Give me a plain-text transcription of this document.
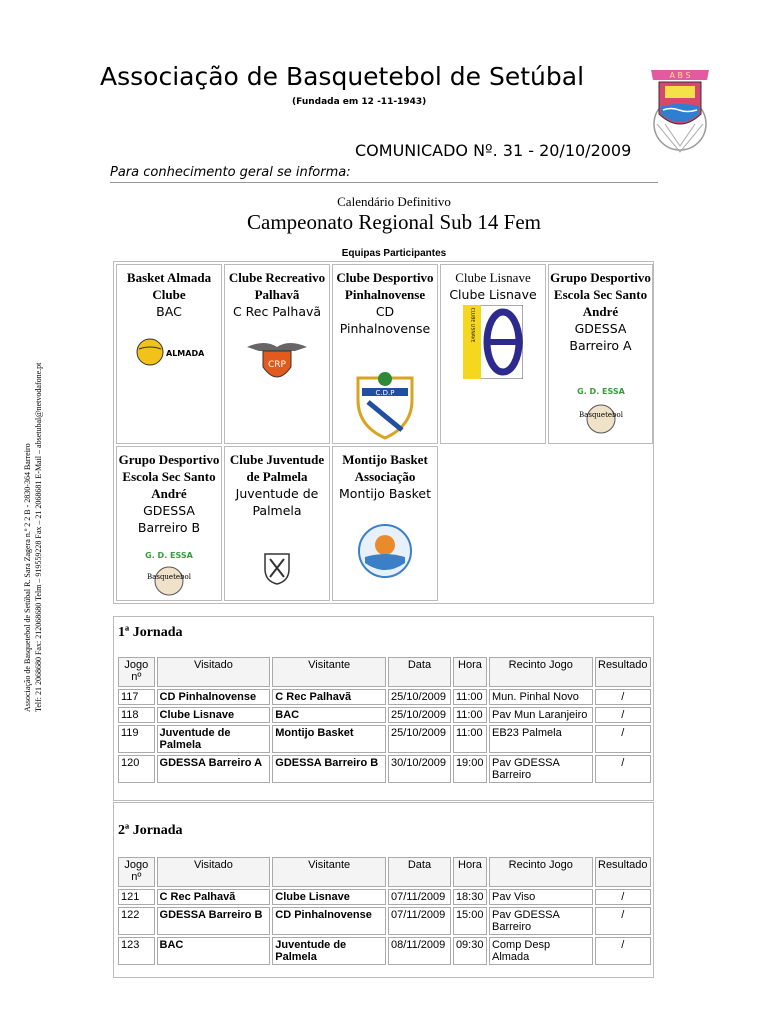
Associação de Basquetebol de Setúbal
(Fundada em 12 -11-1943)
A B S
COMUNICADO Nº. 31 - 20/10/2009
Para conhecimento geral se informa:
Associação de Basquetebol de Setúbal R. Sara Zagera n.º 2 2 B - 2830-364 Barreiro Telf: 21 2068680 Fax: 212068680 Telm – 919559228 Fax – 21 2068681 E-Mail – absetubal@netvodafone.pt
Calendário Definitivo
Campeonato Regional Sub 14 Fem
Equipas Participantes
Basket Almada Clube
BAC
ALMADA
Clube Recreativo Palhavã
C Rec Palhavã
CRP
Clube Desportivo Pinhalnovense
CD Pinhalnovense
C.D.P
Clube Lisnave
Clube Lisnave
CLUBE LISNAVE
Grupo Desportivo Escola Sec Santo André
GDESSA Barreiro A
G. D. ESSA
Basquetebol
Grupo Desportivo Escola Sec Santo André
GDESSA Barreiro B
G. D. ESSA
Basquetebol
Clube Juventude de Palmela
Juventude de Palmela
Montijo Basket Associação
Montijo Basket
1ª Jornada
Jogo nº	Visitado	Visitante	Data	Hora	Recinto Jogo	Resultado
117	CD Pinhalnovense	C Rec Palhavã	25/10/2009	11:00	Mun. Pinhal Novo	/
118	Clube Lisnave	BAC	25/10/2009	11:00	Pav Mun Laranjeiro	/
119	Juventude de Palmela	Montijo Basket	25/10/2009	11:00	EB23 Palmela	/
120	GDESSA Barreiro A	GDESSA Barreiro B	30/10/2009	19:00	Pav GDESSA Barreiro	/
2ª Jornada
Jogo nº	Visitado	Visitante	Data	Hora	Recinto Jogo	Resultado
121	C Rec Palhavã	Clube Lisnave	07/11/2009	18:30	Pav Viso	/
122	GDESSA Barreiro B	CD Pinhalnovense	07/11/2009	15:00	Pav GDESSA Barreiro	/
123	BAC	Juventude de Palmela	08/11/2009	09:30	Comp Desp Almada	/
